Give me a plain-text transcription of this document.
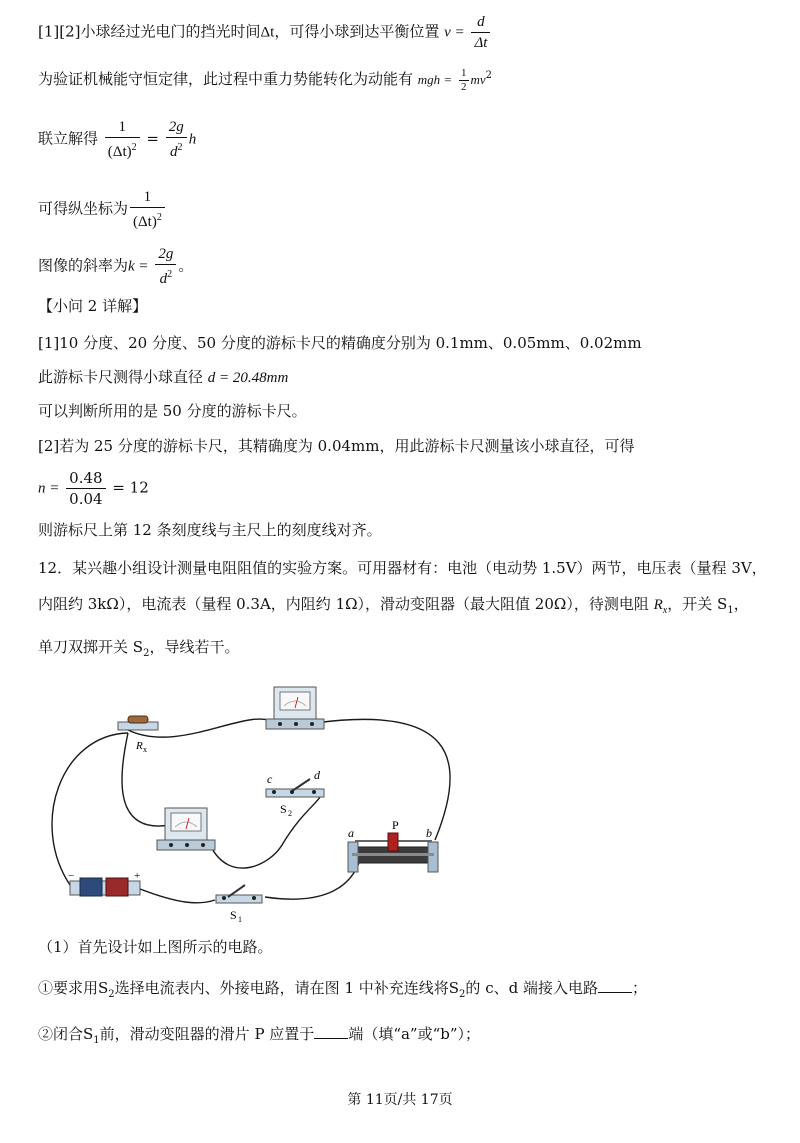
[1][2]小球经过光电门的挡光时间Δt，可得小球到达平衡位置 $v = \frac{d}{\Delta t}$
为验证机械能守恒定律，此过程中重力势能转化为动能有 mgh = $\frac{1}{2} mv^2$
联立解得 $\frac{1}{(\Delta t)^2} = \frac{2g}{d^2}$ h
可得纵坐标为 $\frac{1}{(\Delta t)^2}$
图像的斜率为$k = \frac{2g}{d^2}$ 。
【小问 2 详解】
[1]10 分度、20 分度、50 分度的游标卡尺的精确度分别为 0.1mm、0.05mm、0.02mm
此游标卡尺测得小球直径 d = 20.48mm
可以判断所用的是 50 分度的游标卡尺。
[2]若为 25 分度的游标卡尺，其精确度为 0.04mm，用此游标卡尺测量该小球直径，可得
$n = \frac{0.48}{0.04} = 12$
则游标尺上第 12 条刻度线与主尺上的刻度线对齐。
12．某兴趣小组设计测量电阻阻值的实验方案。可用器材有：电池（电动势 1.5V）两节，电压表（量程 3V，
内阻约 3kΩ），电流表（量程 0.3A，内阻约 1Ω），滑动变阻器（最大阻值 20Ω），待测电阻 $R_x$，开关 $S_1$，
单刀双掷开关 $S_2$，导线若干。
R x
c	d
S 2
a
P
b
−	+
S 1
（1）首先设计如上图所示的电路。
①要求用$S_2$选择电流表内、外接电路，请在图 1 中补充连线将$S_2$的 c、d 端接入电路 ；
②闭合$S_1$前，滑动变阻器的滑片 P 应置于 端（填“a”或“b”）；
第 11页/共 17页
